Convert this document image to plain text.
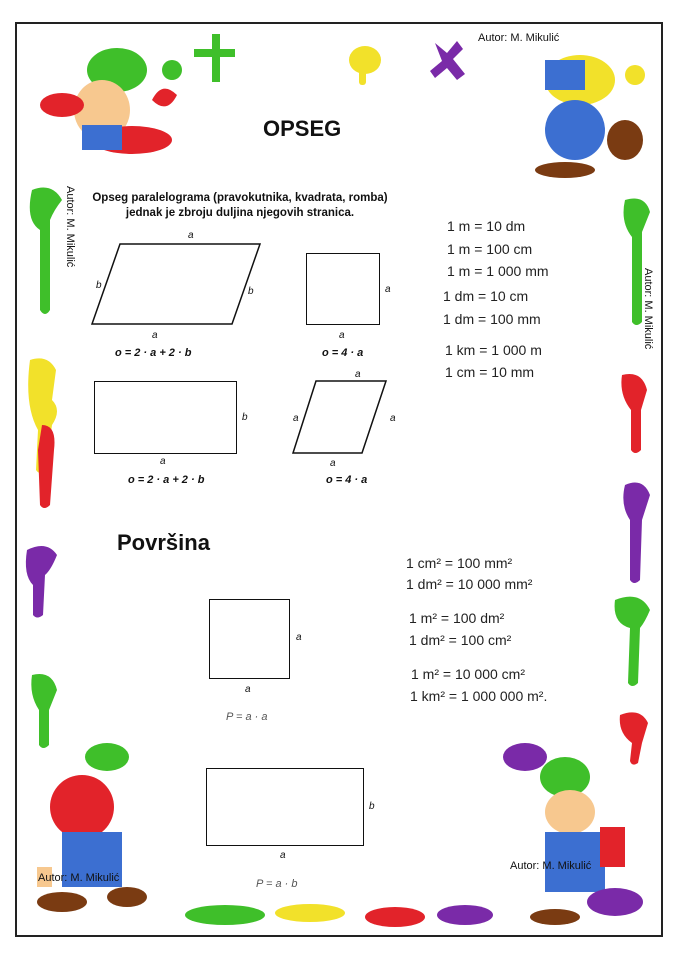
Autor: M. Mikulić
Autor: M. Mikulić
Autor: M. Mikulić
Autor: M. Mikulić
Autor: M. Mikulić
OPSEG
Opseg paralelograma (pravokutnika, kvadrata, romba)
jednak je zbroju duljina njegovih stranica.
a
b
b
a
o = 2 · a + 2 · b
a
a
o = 4 · a
b
a
o = 2 · a + 2 · b
a
a	a
a
o = 4 · a
1 m = 10 dm
1 m = 100 cm
1 m = 1 000 mm
1 dm = 10 cm
1 dm = 100 mm
1 km = 1 000 m
1 cm = 10 mm
Površina
a
a
P = a · a
b
a
P = a · b
1 cm² = 100 mm²
1 dm² = 10 000 mm²
1 m² = 100 dm²
1 dm² = 100 cm²
1 m² = 10 000 cm²
1 km² = 1 000 000 m².
